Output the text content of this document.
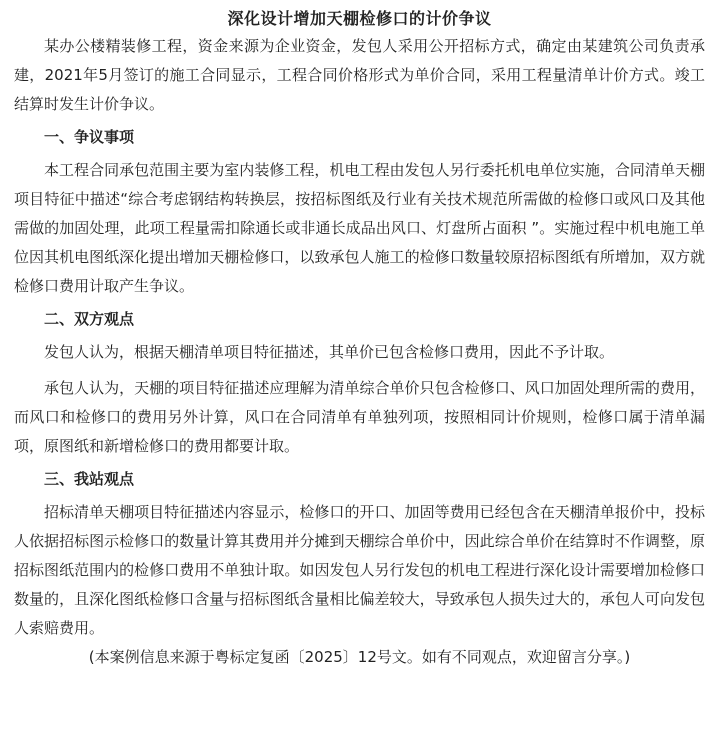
深化设计增加天棚检修口的计价争议

某办公楼精装修工程，资金来源为企业资金，发包人采用公开招标方式，确定由某建筑公司负责承建，2021年5月签订的施工合同显示，工程合同价格形式为单价合同，采用工程量清单计价方式。竣工结算时发生计价争议。

一、争议事项

本工程合同承包范围主要为室内装修工程，机电工程由发包人另行委托机电单位实施，合同清单天棚项目特征中描述“综合考虑钢结构转换层，按招标图纸及行业有关技术规范所需做的检修口或风口及其他需做的加固处理，此项工程量需扣除通长或非通长成品出风口、灯盘所占面积 ”。实施过程中机电施工单位因其机电图纸深化提出增加天棚检修口，以致承包人施工的检修口数量较原招标图纸有所增加，双方就检修口费用计取产生争议。

二、双方观点

发包人认为，根据天棚清单项目特征描述，其单价已包含检修口费用，因此不予计取。

承包人认为，天棚的项目特征描述应理解为清单综合单价只包含检修口、风口加固处理所需的费用，而风口和检修口的费用另外计算，风口在合同清单有单独列项，按照相同计价规则，检修口属于清单漏项，原图纸和新增检修口的费用都要计取。

三、我站观点

招标清单天棚项目特征描述内容显示，检修口的开口、加固等费用已经包含在天棚清单报价中，投标人依据招标图示检修口的数量计算其费用并分摊到天棚综合单价中，因此综合单价在结算时不作调整，原招标图纸范围内的检修口费用不单独计取。如因发包人另行发包的机电工程进行深化设计需要增加检修口数量的，且深化图纸检修口含量与招标图纸含量相比偏差较大，导致承包人损失过大的，承包人可向发包人索赔费用。

(本案例信息来源于粤标定复函〔2025〕12号文。如有不同观点，欢迎留言分享。)
